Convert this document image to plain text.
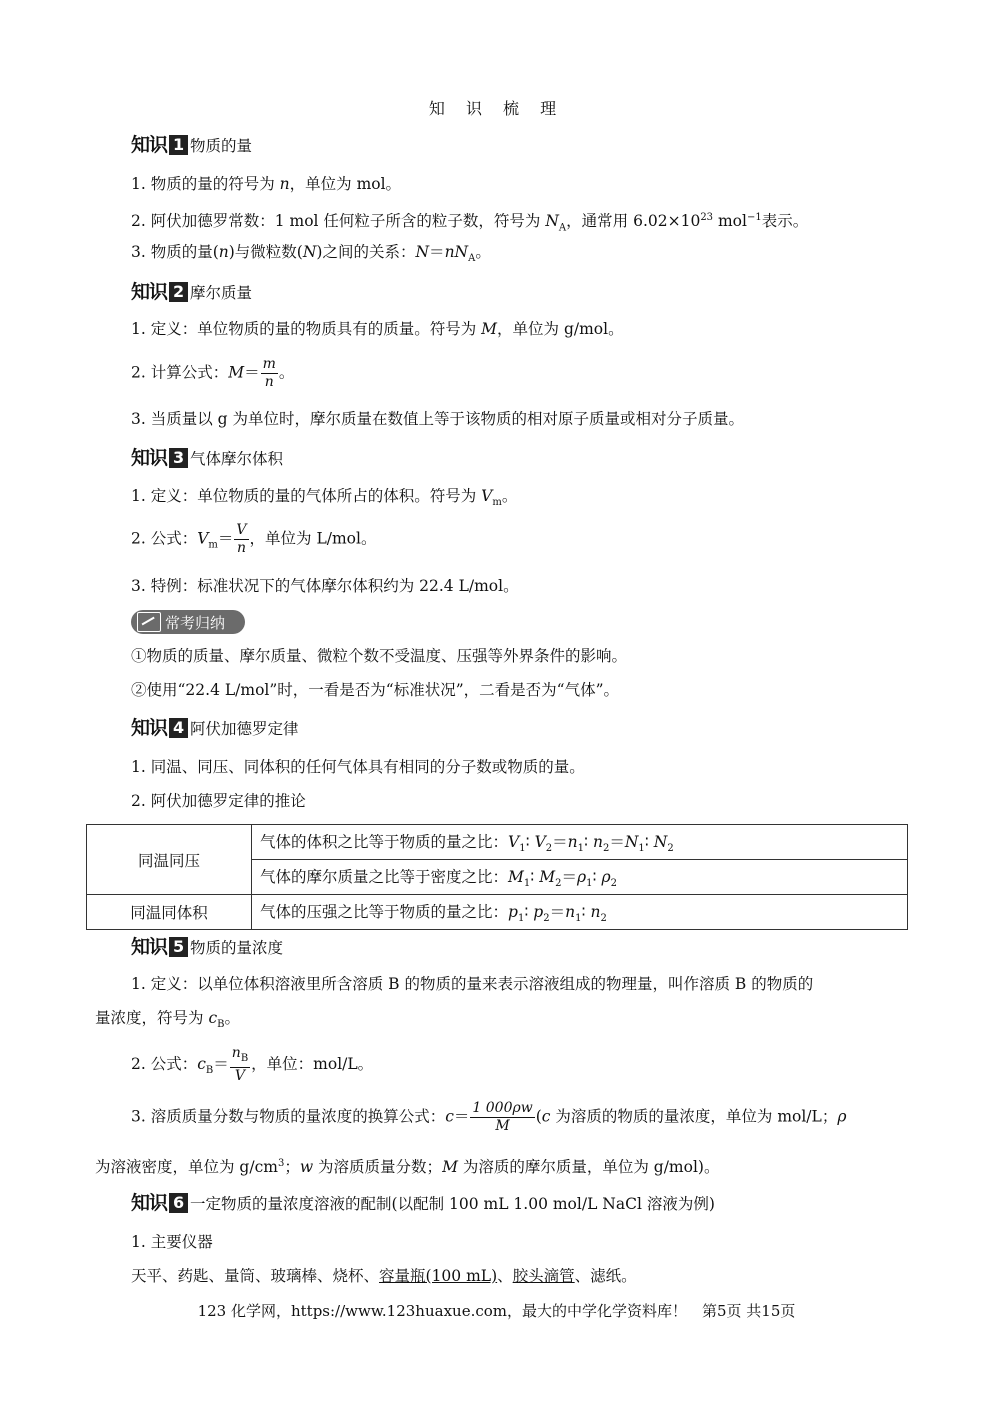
知 识 梳 理
知识 1 物质的量
1. 物质的量的符号为 n，单位为 mol。
2. 阿伏加德罗常数：1 mol 任何粒子所含的粒子数，符号为 $N_A$，通常用 $6.02\times 10^{23}$ mol$^{-1}$表示。
3. 物质的量(n)与微粒数(N)之间的关系：$N=nN_A$。
知识 2 摩尔质量
1. 定义：单位物质的量的物质具有的质量。符号为 M，单位为 g/mol。
2. 计算公式：$M= \frac{m}{n}$ 。
3. 当质量以 g 为单位时，摩尔质量在数值上等于该物质的相对原子质量或相对分子质量。
知识 3 气体摩尔体积
1. 定义：单位物质的量的气体所占的体积。符号为 $V_m$。
2. 公式：$V_m= \frac{V}{n}$ ，单位为 L/mol。
3. 特例：标准状况下的气体摩尔体积约为 22.4 L/mol。
常考归纳
①物质的质量、摩尔质量、微粒个数不受温度、压强等外界条件的影响。
②使用“22.4 L/mol”时，一看是否为“标准状况”，二看是否为“气体”。
知识 4 阿伏加德罗定律
1. 同温、同压、同体积的任何气体具有相同的分子数或物质的量。
2. 阿伏加德罗定律的推论
同温同压	气体的体积之比等于物质的量之比：$V_1∶$ $V_2=n_1∶$ $n_2=N_1∶$ $N_2$
	气体的摩尔质量之比等于密度之比：$M_1∶$ $M_2=\rho_1∶$ $\rho_2$
同温同体积	气体的压强之比等于物质的量之比：$p_1∶$ $p_2=n_1∶$ $n_2$
知识 5 物质的量浓度
1. 定义：以单位体积溶液里所含溶质 B 的物质的量来表示溶液组成的物理量，叫作溶质 B 的物质的
量浓度，符号为 $c_B$。
2. 公式：$c_B= \frac{n_B}{V}$ ，单位：mol/L。
3. 溶质质量分数与物质的量浓度的换算公式：$c= \frac{1 000\rho w}{M} (c$ 为溶质的物质的量浓度，单位为 mol/L；ρ
为溶液密度，单位为 $g/cm^3$；w 为溶质质量分数；M 为溶质的摩尔质量，单位为 g/mol)。
知识 6 一定物质的量浓度溶液的配制(以配制 100 mL 1.00 mol/L NaCl 溶液为例)
1. 主要仪器
天平、药匙、量筒、玻璃棒、烧杯、容量瓶(100 mL)、胶头滴管、滤纸。
123 化学网，https://www.123huaxue.com，最大的中学化学资料库！　第5页 共15页
